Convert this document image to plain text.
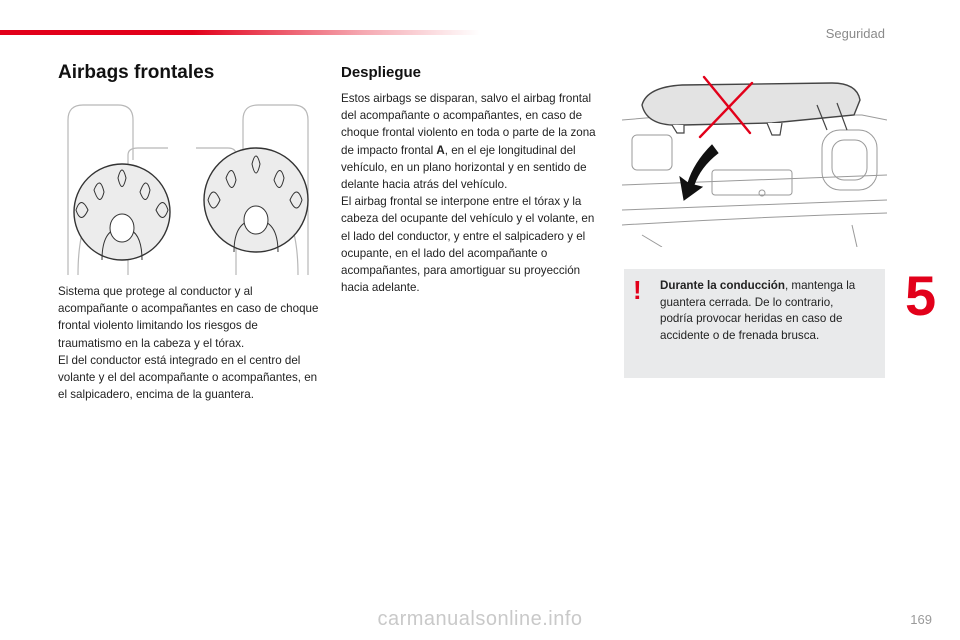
Seguridad
Airbags frontales

Sistema que protege al conductor y al acompañante o acompañantes en caso de choque frontal violento limitando los riesgos de traumatismo en la cabeza y el tórax.

El del conductor está integrado en el centro del volante y el del acompañante o acompañantes, en el salpicadero, encima de la guantera.

Despliegue

Estos airbags se disparan, salvo el airbag frontal del acompañante o acompañantes, en caso de choque frontal violento en toda o parte de la zona de impacto frontal A, en el eje longitudinal del vehículo, en un plano horizontal y en sentido de delante hacia atrás del vehículo.

El airbag frontal se interpone entre el tórax y la cabeza del ocupante del vehículo y el volante, en el lado del conductor, y entre el salpicadero y el ocupante, en el lado del acompañante o acompañantes, para amortiguar su proyección hacia adelante.	! Durante la conducción, mantenga la guantera cerrada. De lo contrario, podría provocar heridas en caso de accidente o de frenada brusca.
5
169
carmanualsonline.info
